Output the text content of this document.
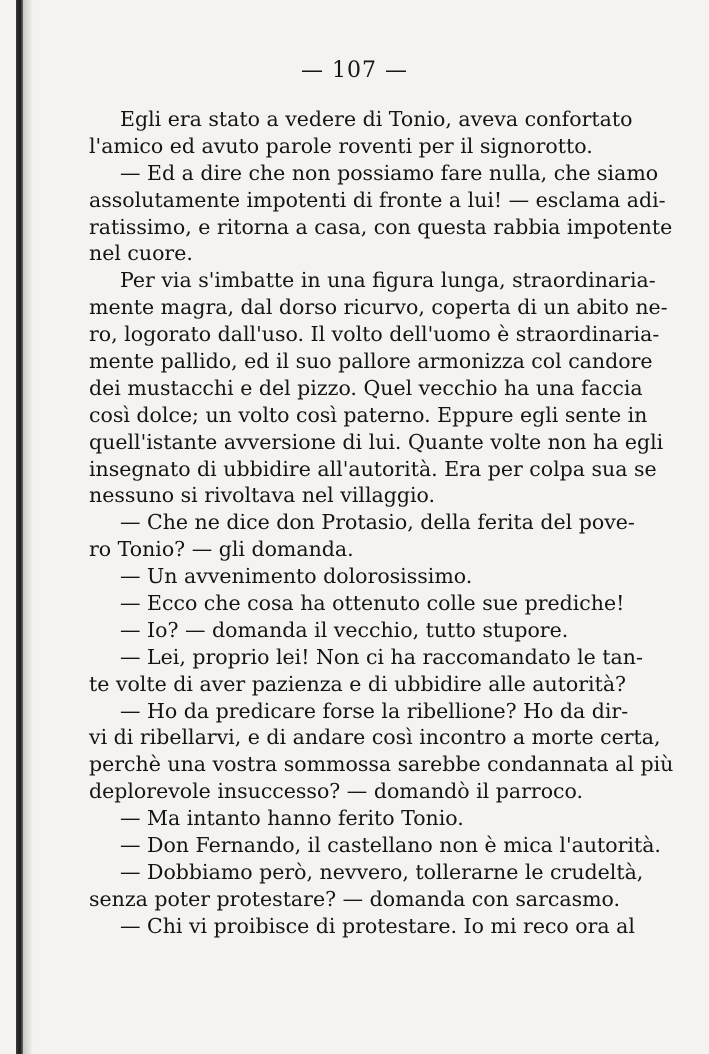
— 107 —
Egli era stato a vedere di Tonio, aveva confortato
l'amico ed avuto parole roventi per il signorotto.
— Ed a dire che non possiamo fare nulla, che siamo
assolutamente impotenti di fronte a lui! — esclama adi-
ratissimo, e ritorna a casa, con questa rabbia impotente
nel cuore.
Per via s'imbatte in una figura lunga, straordinaria-
mente magra, dal dorso ricurvo, coperta di un abito ne-
ro, logorato dall'uso. Il volto dell'uomo è straordinaria-
mente pallido, ed il suo pallore armonizza col candore
dei mustacchi e del pizzo. Quel vecchio ha una faccia
così dolce; un volto così paterno. Eppure egli sente in
quell'istante avversione di lui. Quante volte non ha egli
insegnato di ubbidire all'autorità. Era per colpa sua se
nessuno si rivoltava nel villaggio.
— Che ne dice don Protasio, della ferita del pove-
ro Tonio? — gli domanda.
— Un avvenimento dolorosissimo.
— Ecco che cosa ha ottenuto colle sue prediche!
— Io? — domanda il vecchio, tutto stupore.
— Lei, proprio lei! Non ci ha raccomandato le tan-
te volte di aver pazienza e di ubbidire alle autorità?
— Ho da predicare forse la ribellione? Ho da dir-
vi di ribellarvi, e di andare così incontro a morte certa,
perchè una vostra sommossa sarebbe condannata al più
deplorevole insuccesso? — domandò il parroco.
— Ma intanto hanno ferito Tonio.
— Don Fernando, il castellano non è mica l'autorità.
— Dobbiamo però, nevvero, tollerarne le crudeltà,
senza poter protestare? — domanda con sarcasmo.
— Chi vi proibisce di protestare. Io mi reco ora al
